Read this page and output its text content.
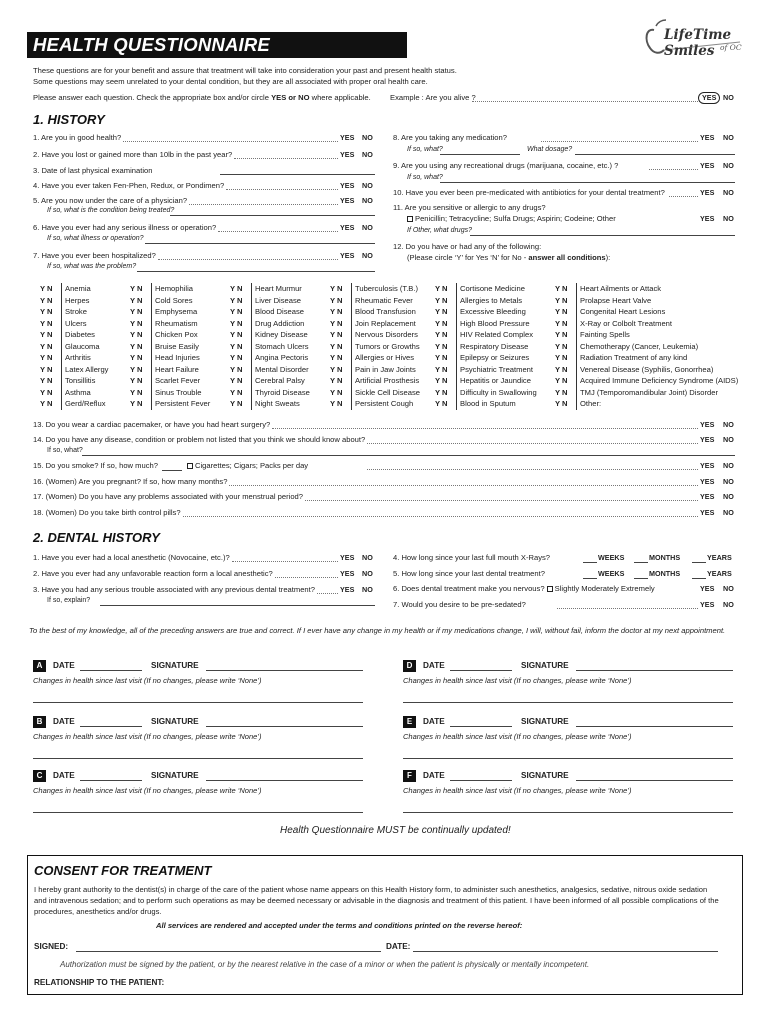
HEALTH QUESTIONNAIRE	LifeTime Smiles of OC
These questions are for your benefit and assure that treatment will take into consideration your past and present health status.
Some questions may seem unrelated to your dental condition, but they are all associated with proper oral health care.
Please answer each question. Check the appropriate box and/or circle YES or NO where applicable.	Example : Are you alive ?	YES NO
1. HISTORY
1. Are you in good health?	YES NO
2. Have you lost or gained more than 10lb in the past year?	YES NO
3. Date of last physical examination
4. Have you ever taken Fen-Phen, Redux, or Pondimen?	YES NO
5. Are you now under the care of a physician?	YES NO
6. Have you ever had any serious illness or operation?	YES NO
7. Have you ever been hospitalized?	YES NO
If so, what is the condition being treated?
If so, what illness or operation?
If so, what was the problem?
8. Are you taking any medication?	YES NO
If so, what?	What dosage?
9. Are you using any recreational drugs (marijuana, cocaine, etc.) ?	YES NO
If so, what?
10. Have you ever been pre-medicated with antibiotics for your dental treatment?	YES NO
11. Are you sensitive or allergic to any drugs?
Penicillin; Tetracycline; Sulfa Drugs; Aspirin; Codeine; Other	YES NO
If Other, what drugs?
12. Do you have or had any of the following:
(Please circle ‘Y’ for Yes ‘N’ for No - answer all conditions):
Y N	Anemia
Y N	Herpes
Y N	Stroke
Y N	Ulcers
Y N	Diabetes
Y N	Glaucoma
Y N	Arthritis
Y N	Latex Allergy
Y N	Tonsillitis
Y N	Asthma
Y N	Gerd/Reflux
Y N	Hemophilia
Y N	Cold Sores
Y N	Emphysema
Y N	Rheumatism
Y N	Chicken Pox
Y N	Bruise Easily
Y N	Head Injuries
Y N	Heart Failure
Y N	Scarlet Fever
Y N	Sinus Trouble
Y N	Persistent Fever
Y N	Heart Murmur
Y N	Liver Disease
Y N	Blood Disease
Y N	Drug Addiction
Y N	Kidney Disease
Y N	Stomach Ulcers
Y N	Angina Pectoris
Y N	Mental Disorder
Y N	Cerebral Palsy
Y N	Thyroid Disease
Y N	Night Sweats
Y N	Tuberculosis (T.B.)
Y N	Rheumatic Fever
Y N	Blood Transfusion
Y N	Join Replacement
Y N	Nervous Disorders
Y N	Tumors or Growths
Y N	Allergies or Hives
Y N	Pain in Jaw Joints
Y N	Artificial Prosthesis
Y N	Sickle Cell Disease
Y N	Persistent Cough
Y N	Cortisone Medicine
Y N	Allergies to Metals
Y N	Excessive Bleeding
Y N	High Blood Pressure
Y N	HIV Related Complex
Y N	Respiratory Disease
Y N	Epilepsy or Seizures
Y N	Psychiatric Treatment
Y N	Hepatitis or Jaundice
Y N	Difficulty in Swallowing
Y N	Blood in Sputum
Y N	Heart Ailments or Attack
Y N	Prolapse Heart Valve
Y N	Congenital Heart Lesions
Y N	X-Ray or Colbolt Treatment
Y N	Fainting Spells
Y N	Chemotherapy (Cancer, Leukemia)
Y N	Radiation Treatment of any kind
Y N	Venereal Disease (Syphilis, Gonorrhea)
Y N	Acquired Immune Deficiency Syndrome (AIDS)
Y N	TMJ (Temporomandibular Joint) Disorder
Y N	Other:
13. Do you wear a cardiac pacemaker, or have you had heart surgery?	YES NO
14. Do you have any disease, condition or problem not listed that you think we should know about?	YES NO
15. Do you smoke? If so, how much?	YES NO
16. (Women) Are you pregnant? If so, how many months?	YES NO
17. (Women) Do you have any problems associated with your menstrual period?	YES NO
18. (Women) Do you take birth control pills?	YES NO
If so, what?
Cigarettes; Cigars; Packs per day
2. DENTAL HISTORY
1. Have you ever had a local anesthetic (Novocaine, etc.)?	YES NO
2. Have you ever had any unfavorable reaction form a local anesthetic?	YES NO
3. Have you had any serious trouble associated with any previous dental treatment?	YES NO
If so, explain?
4. How long since your last full mouth X-Rays?
5. How long since your last dental treatment?
WEEKS	MONTHS	YEARS
WEEKS	MONTHS	YEARS
6. Does dental treatment make you nervous? Slightly Moderately Extremely	YES NO
7. Would you desire to be pre-sedated?	YES NO
To the best of my knowledge, all of the preceding answers are true and correct. If I ever have any change in my health or if my medications change, I will, without fail, inform the doctor at my next appointment.
A	DATE	SIGNATURE
Changes in health since last visit (If no changes, please write ‘None’)
D	DATE	SIGNATURE
Changes in health since last visit (If no changes, please write ‘None’)
B	DATE	SIGNATURE
Changes in health since last visit (If no changes, please write ‘None’)
E	DATE	SIGNATURE
Changes in health since last visit (If no changes, please write ‘None’)
C	DATE	SIGNATURE
Changes in health since last visit (If no changes, please write ‘None’)
F	DATE	SIGNATURE
Changes in health since last visit (If no changes, please write ‘None’)
Health Questionnaire MUST be continually updated!
CONSENT FOR TREATMENT
I hereby grant authority to the dentist(s) in charge of the care of the patient whose name appears on this Health History form, to administer such anesthetics, analgesics, sedative, nitrous oxide sedation
and intravenous sedation; and to perform such operations as may be deemed necessary or advisable in the diagnosis and treatment of this patient. I have been informed of all possible complications of the
procedures, anesthetics and/or drugs.
All services are rendered and accepted under the terms and conditions printed on the reverse hereof:
SIGNED:	DATE:
Authorization must be signed by the patient, or by the nearest relative in the case of a minor or when the patient is physically or mentally incompetent.
RELATIONSHIP TO THE PATIENT:
